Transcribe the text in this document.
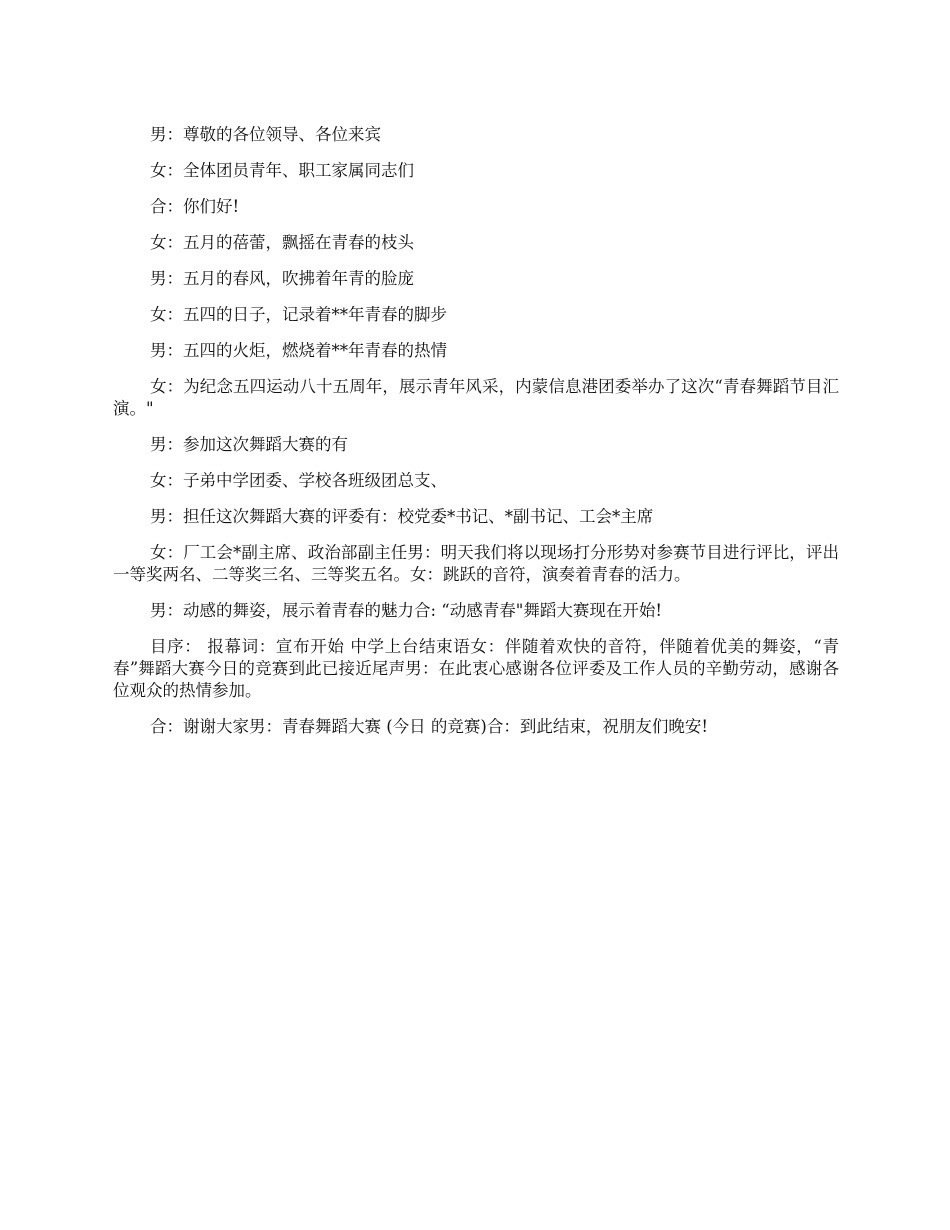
男：尊敬的各位领导、各位来宾

女：全体团员青年、职工家属同志们

合：你们好!

女：五月的蓓蕾，飘摇在青春的枝头

男：五月的春风，吹拂着年青的脸庞

女：五四的日子，记录着**年青春的脚步

男：五四的火炬，燃烧着**年青春的热情

女：为纪念五四运动八十五周年，展示青年风采，内蒙信息港团委举办了这次“青春舞蹈节目汇演。"

男：参加这次舞蹈大赛的有

女：子弟中学团委、学校各班级团总支、

男：担任这次舞蹈大赛的评委有：校党委*书记、*副书记、工会*主席

女：厂工会*副主席、政治部副主任男：明天我们将以现场打分形势对参赛节目进行评比，评出一等奖两名、二等奖三名、三等奖五名。女：跳跃的音符，演奏着青春的活力。

男：动感的舞姿，展示着青春的魅力合: “动感青春"舞蹈大赛现在开始!

目序： 报幕词：宣布开始 中学上台结束语女：伴随着欢快的音符，伴随着优美的舞姿，“青春”舞蹈大赛今日的竞赛到此已接近尾声男：在此衷心感谢各位评委及工作人员的辛勤劳动，感谢各位观众的热情参加。

合：谢谢大家男：青春舞蹈大赛 (今日 的竞赛)合：到此结束，祝朋友们晚安!
